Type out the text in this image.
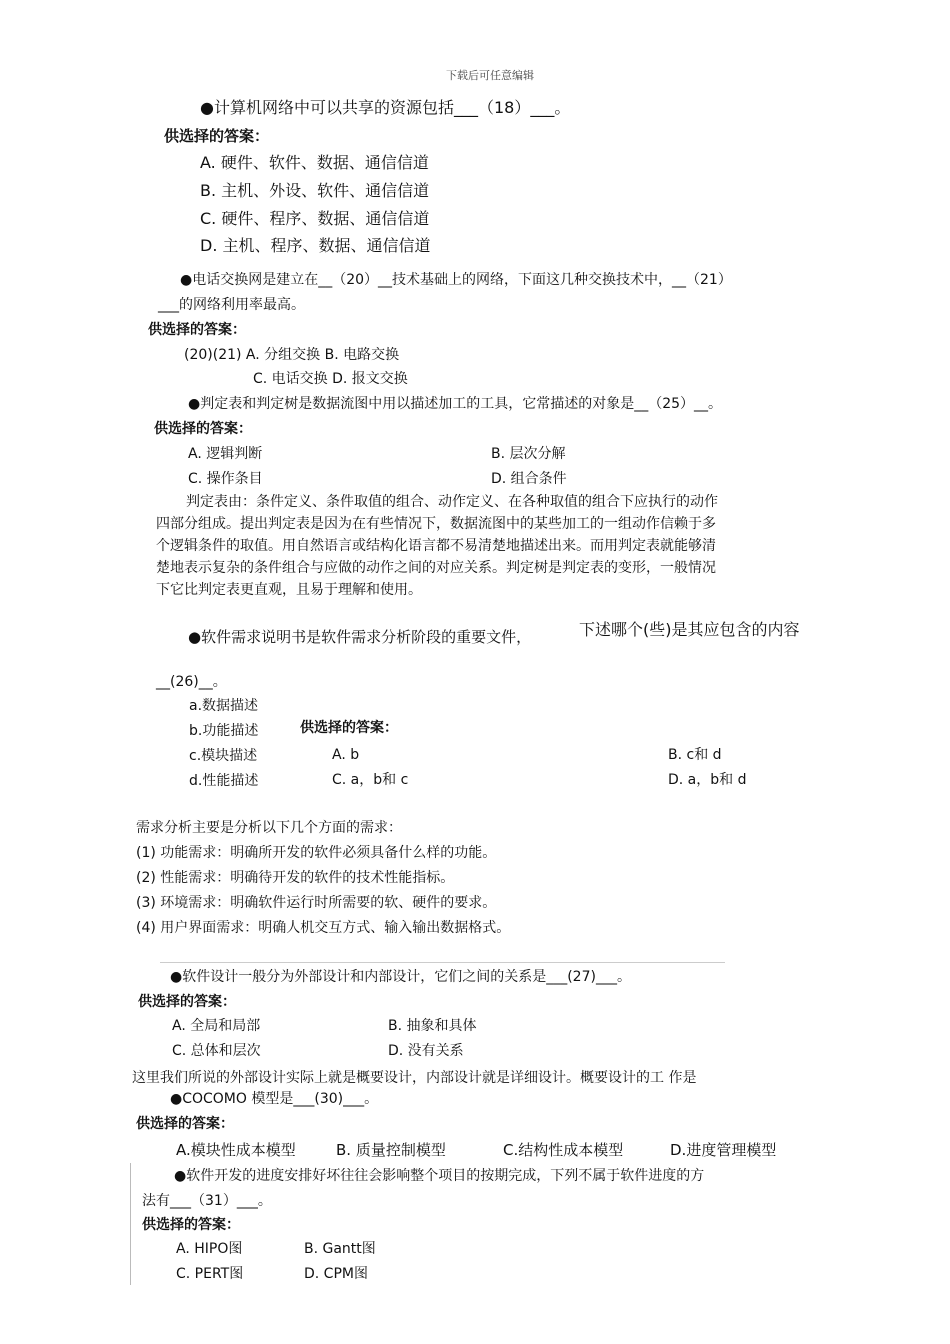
下载后可任意编辑
●计算机网络中可以共享的资源包括___（18）___。
供选择的答案：
A. 硬件、软件、数据、通信信道
B. 主机、外设、软件、通信信道
C. 硬件、程序、数据、通信信道
D. 主机、程序、数据、通信信道
●电话交换网是建立在__（20）__技术基础上的网络，下面这几种交换技术中，__（21）
___的网络利用率最高。
供选择的答案：
(20)(21) A. 分组交换 B. 电路交换
C. 电话交换 D. 报文交换
●判定表和判定树是数据流图中用以描述加工的工具，它常描述的对象是__（25）__。
供选择的答案：
A. 逻辑判断	B. 层次分解
C. 操作条目	D. 组合条件
判定表由：条件定义、条件取值的组合、动作定义、在各种取值的组合下应执行的动作
四部分组成。提出判定表是因为在有些情况下，数据流图中的某些加工的一组动作信赖于多
个逻辑条件的取值。用自然语言或结构化语言都不易清楚地描述出来。而用判定表就能够清
楚地表示复杂的条件组合与应做的动作之间的对应关系。判定树是判定表的变形，一般情况
下它比判定表更直观，且易于理解和使用。
●软件需求说明书是软件需求分析阶段的重要文件，	下述哪个(些)是其应包含的内容
__(26)__。
a.数据描述
b.功能描述
c.模块描述
d.性能描述
供选择的答案：
A. b	B. c和 d
C. a，b和 c	D. a，b和 d
需求分析主要是分析以下几个方面的需求：
(1) 功能需求：明确所开发的软件必须具备什么样的功能。
(2) 性能需求：明确待开发的软件的技术性能指标。
(3) 环境需求：明确软件运行时所需要的软、硬件的要求。
(4) 用户界面需求：明确人机交互方式、输入输出数据格式。
●软件设计一般分为外部设计和内部设计，它们之间的关系是___(27)___。
供选择的答案：
A. 全局和局部	B. 抽象和具体
C. 总体和层次	D. 没有关系
这里我们所说的外部设计实际上就是概要设计，内部设计就是详细设计。概要设计的工 作是
●COCOMO 模型是___(30)___。
供选择的答案：
A.模块性成本模型	B. 质量控制模型	C.结构性成本模型	D.进度管理模型
●软件开发的进度安排好坏往往会影响整个项目的按期完成，下列不属于软件进度的方
法有___（31）___。
供选择的答案：
A. HIPO图	B. Gantt图
C. PERT图	D. CPM图
